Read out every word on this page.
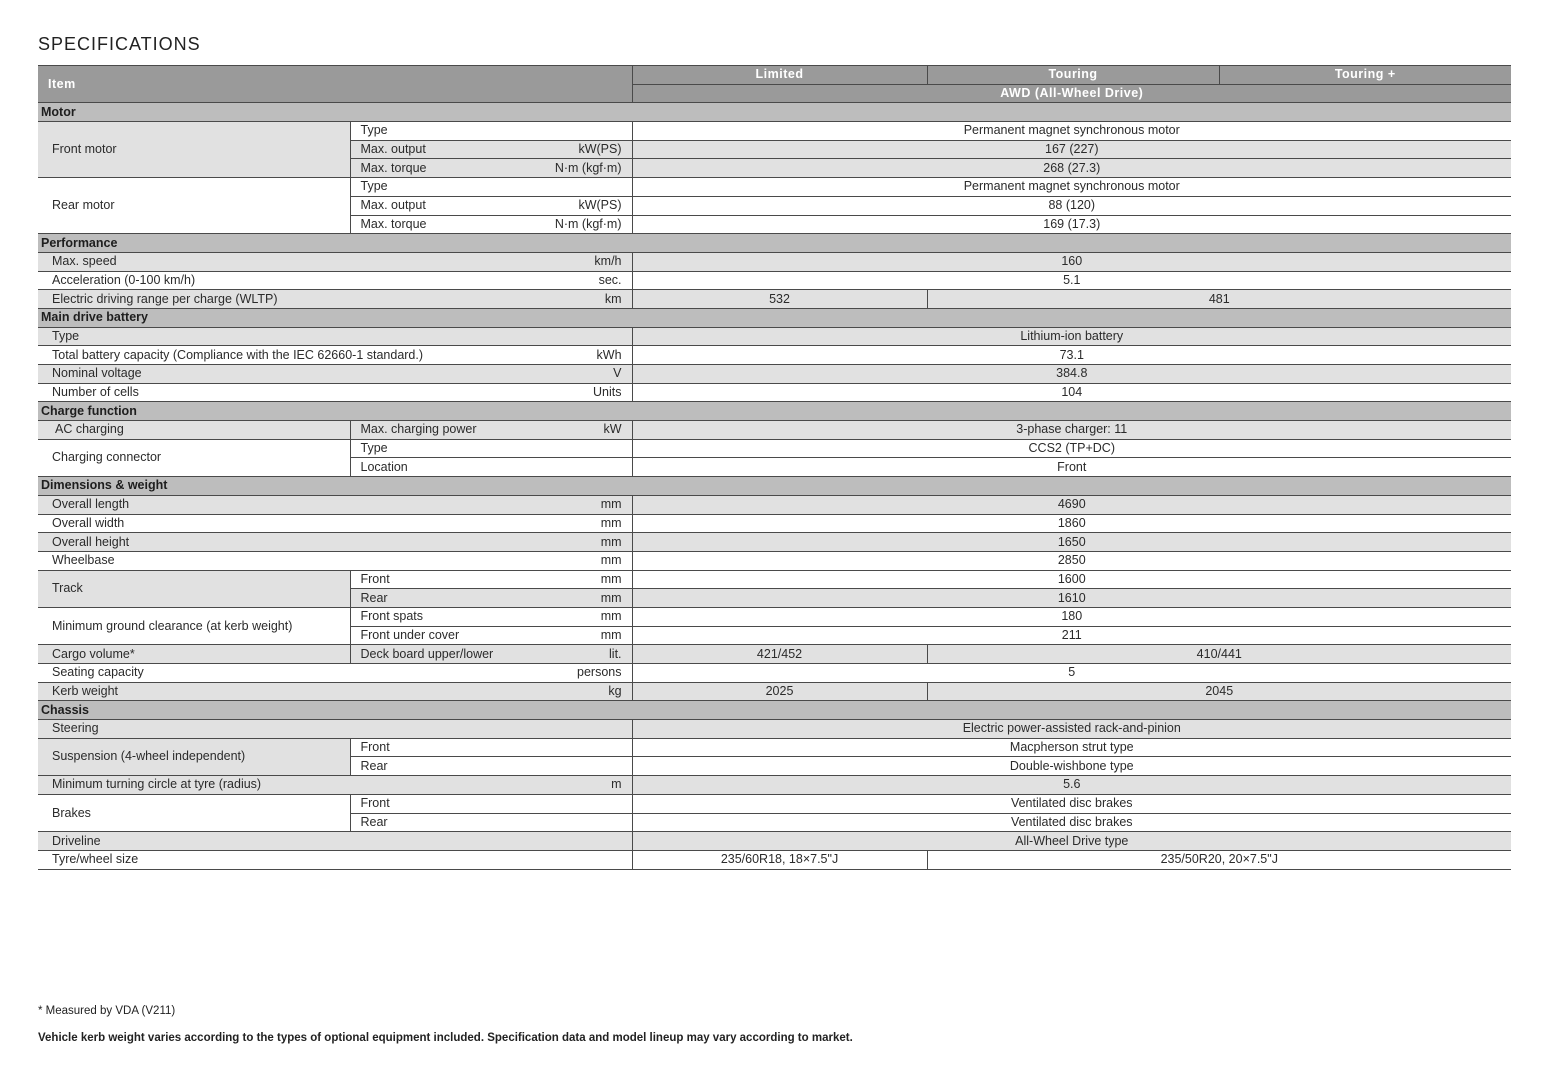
SPECIFICATIONS
Item		Limited	Touring	Touring +
		AWD (All-Wheel Drive)		
Motor				
Front motor	Type	Permanent magnet synchronous motor		

	Max. output kW(PS)	167 (227)		

	Max. torque N·m (kgf·m)	268 (27.3)		
Rear motor	Type	Permanent magnet synchronous motor		

	Max. output kW(PS)	88 (120)		

	Max. torque N·m (kgf·m)	169 (17.3)		
Performance				

Max. speed km/h		160		

Acceleration (0-100 km/h) sec.		5.1		

Electric driving range per charge (WLTP) km		532	481	
Main drive battery				
Type		Lithium-ion battery		

Total battery capacity (Compliance with the IEC 62660-1 standard.) kWh		73.1		

Nominal voltage V		384.8		

Number of cells Units		104		
Charge function				
AC charging	Max. charging power kW	3-phase charger: 11		
Charging connector	Type	CCS2 (TP+DC)		
	Location	Front		
Dimensions & weight				

Overall length mm		4690		

Overall width mm		1860		

Overall height mm		1650		

Wheelbase mm		2850		
Track	Front mm	1600		

	Rear mm	1610		
Minimum ground clearance (at kerb weight)	Front spats mm	180		

	Front under cover mm	211		
Cargo volume*	Deck board upper/lower lit.	421/452	410/441	

Seating capacity persons		5		

Kerb weight kg		2025	2045	
Chassis				
Steering		Electric power-assisted rack-and-pinion		
Suspension (4-wheel independent)	Front	Macpherson strut type		
	Rear	Double-wishbone type		

Minimum turning circle at tyre (radius) m		5.6		
Brakes	Front	Ventilated disc brakes		
	Rear	Ventilated disc brakes		
Driveline		All-Wheel Drive type		
Tyre/wheel size		235/60R18, 18×7.5"J	235/50R20, 20×7.5"J	
* Measured by VDA (V211)
Vehicle kerb weight varies according to the types of optional equipment included. Specification data and model lineup may vary according to market.
